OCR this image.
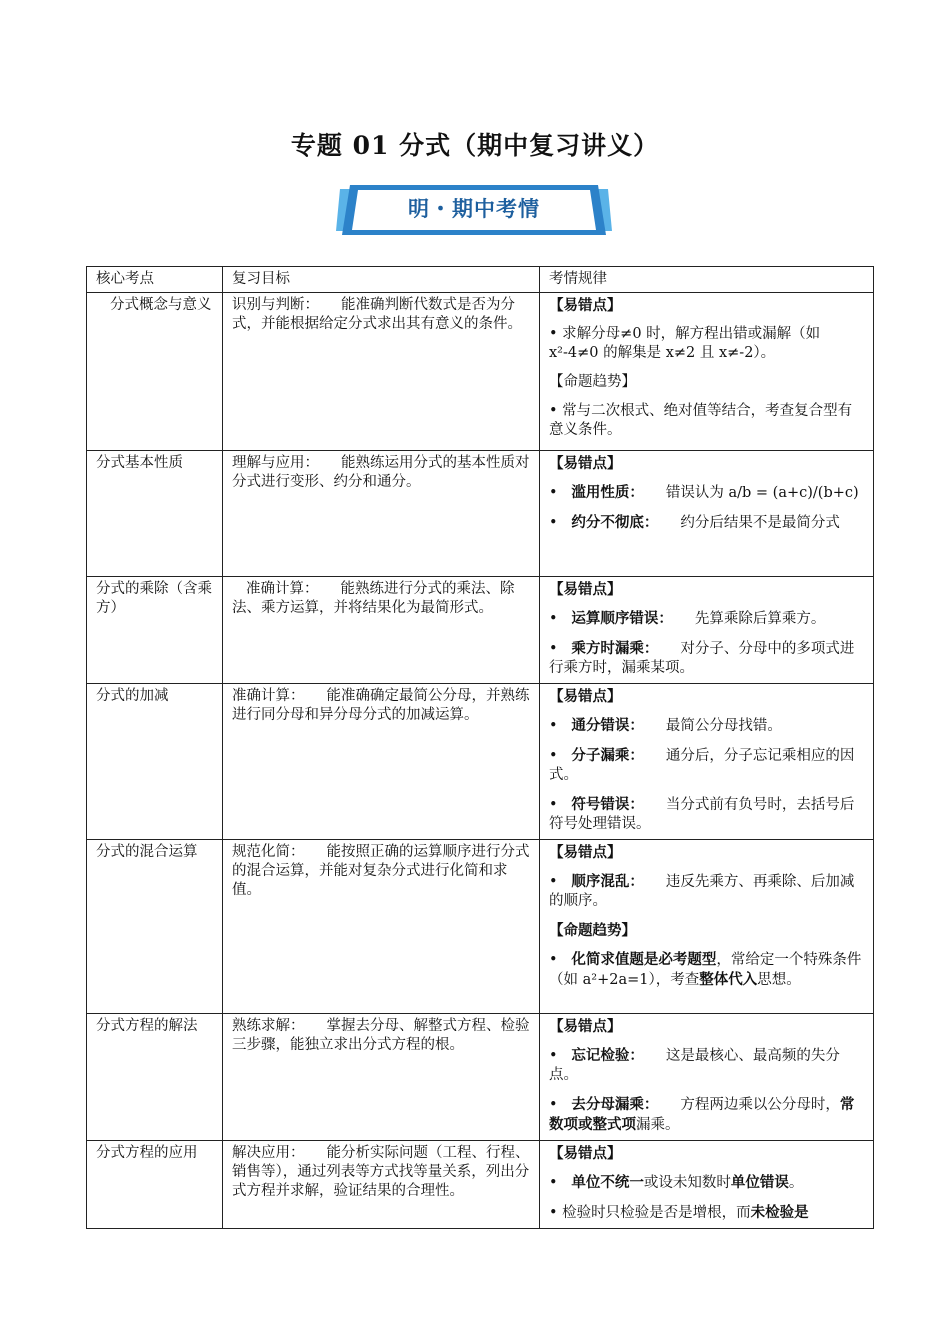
专题 01 分式（期中复习讲义）
明・期中考情
核心考点	复习目标	考情规律
分式概念与意义	识别与判断： 能准确判断代数式是否为分式，并能根据给定分式求出其有意义的条件。	【易错点】
• 求解分母≠0 时，解方程出错或漏解（如 x²-4≠0 的解集是 x≠2 且 x≠-2）。
【命题趋势】
• 常与二次根式、绝对值等结合，考查复合型有意义条件。

分式基本性质	理解与应用： 能熟练运用分式的基本性质对分式进行变形、约分和通分。	【易错点】
•   滥用性质： 错误认为 a/b = (a+c)/(b+c)
•   约分不彻底： 约分后结果不是最简分式

分式的乘除（含乘方）	准确计算： 能熟练进行分式的乘法、除法、乘方运算，并将结果化为最简形式。	【易错点】
•   运算顺序错误： 先算乘除后算乘方。
•   乘方时漏乘： 对分子、分母中的多项式进行乘方时，漏乘某项。

分式的加减	准确计算： 能准确确定最简公分母，并熟练进行同分母和异分母分式的加减运算。	【易错点】
•   通分错误： 最简公分母找错。
•   分子漏乘： 通分后，分子忘记乘相应的因式。
•   符号错误： 当分式前有负号时，去括号后符号处理错误。

分式的混合运算	规范化简： 能按照正确的运算顺序进行分式的混合运算，并能对复杂分式进行化简和求值。	【易错点】
•   顺序混乱： 违反先乘方、再乘除、后加减的顺序。
【命题趋势】
•   化简求值题是必考题型，常给定一个特殊条件（如 a²+2a=1），考查整体代入思想。

分式方程的解法	熟练求解： 掌握去分母、解整式方程、检验三步骤，能独立求出分式方程的根。	【易错点】
•   忘记检验： 这是最核心、最高频的失分点。
•   去分母漏乘： 方程两边乘以公分母时，常数项或整式项漏乘。

分式方程的应用	解决应用： 能分析实际问题（工程、行程、销售等），通过列表等方式找等量关系，列出分式方程并求解，验证结果的合理性。	【易错点】
•   单位不统一或设未知数时单位错误。
• 检验时只检验是否是增根，而未检验是
